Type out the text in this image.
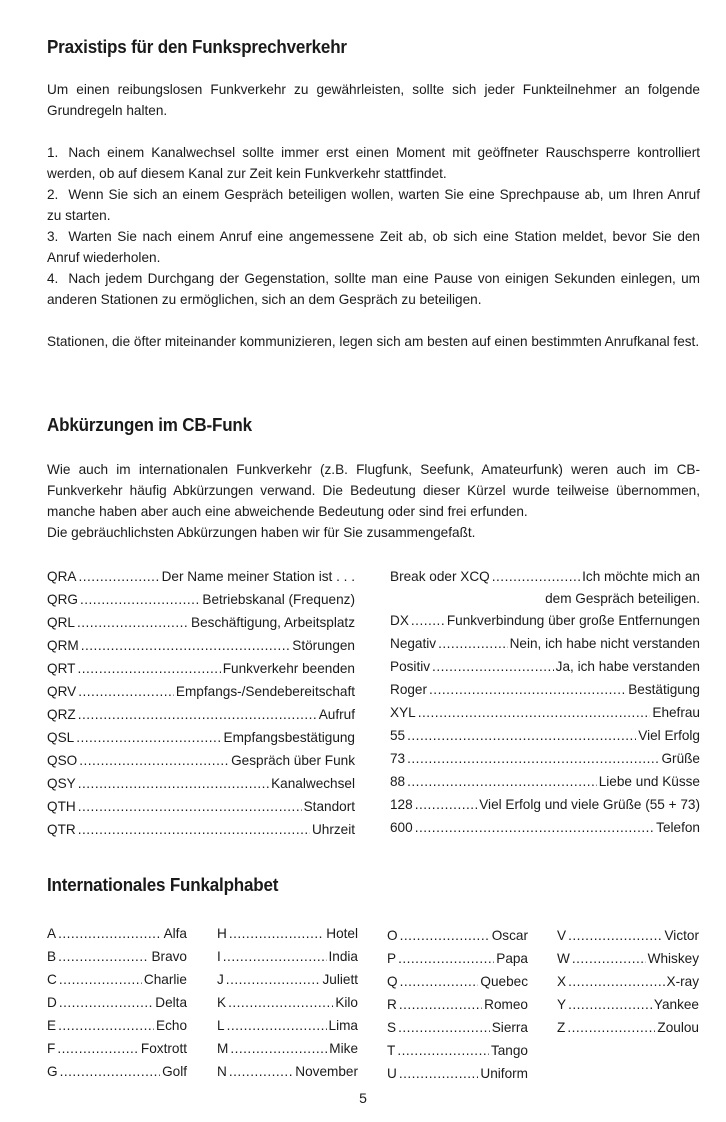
Praxistips für den Funksprechverkehr

Um einen reibungslosen Funkverkehr zu gewährleisten, sollte sich jeder Funkteilnehmer an folgende Grundregeln halten.

1. Nach einem Kanalwechsel sollte immer erst einen Moment mit geöffneter Rauschsperre kontrolliert werden, ob auf diesem Kanal zur Zeit kein Funkverkehr stattfindet.

2. Wenn Sie sich an einem Gespräch beteiligen wollen, warten Sie eine Sprechpause ab, um Ihren Anruf zu starten.

3. Warten Sie nach einem Anruf eine angemessene Zeit ab, ob sich eine Station meldet, bevor Sie den Anruf wiederholen.

4. Nach jedem Durchgang der Gegenstation, sollte man eine Pause von einigen Sekunden einlegen, um anderen Stationen zu ermöglichen, sich an dem Gespräch zu beteiligen.

Stationen, die öfter miteinander kommunizieren, legen sich am besten auf einen bestimmten Anrufkanal fest.

Abkürzungen im CB-Funk

Wie auch im internationalen Funkverkehr (z.B. Flugfunk, Seefunk, Amateurfunk) weren auch im CB-Funkverkehr häufig Abkürzungen verwand. Die Bedeutung dieser Kürzel wurde teilweise übernommen, manche haben aber auch eine abweichende Bedeutung oder sind frei erfunden.

Die gebräuchlichsten Abkürzungen haben wir für Sie zusammengefaßt.

QRA .....	Der Name meiner Station ist . . .
QRG .....	Betriebskanal (Frequenz)
QRL .....	Beschäftigung, Arbeitsplatz
QRM .....	Störungen
QRT .....	Funkverkehr beenden
QRV .....	Empfangs-/Sendebereitschaft
QRZ .....	Aufruf
QSL .....	Empfangsbestätigung
QSO .....	Gespräch über Funk
QSY .....	Kanalwechsel
QTH .....	Standort
QTR .....	Uhrzeit
Break oder XCQ .....	Ich möchte mich an
dem Gespräch beteiligen.
DX .....	Funkverbindung über große Entfernungen
Negativ .....	Nein, ich habe nicht verstanden
Positiv .....	Ja, ich habe verstanden
Roger .....	Bestätigung
XYL .....	Ehefrau
55 .....	Viel Erfolg
73 .....	Grüße
88 .....	Liebe und Küsse
128 .....	Viel Erfolg und viele Grüße (55 + 73)
600 .....	Telefon
Internationales Funkalphabet
A .....	Alfa
B .....	Bravo
C .....	Charlie
D .....	Delta
E .....	Echo
F .....	Foxtrott
G .....	Golf
H .....	Hotel
I .....	India
J .....	Juliett
K .....	Kilo
L .....	Lima
M .....	Mike
N .....	November
O .....	Oscar
P .....	Papa
Q .....	Quebec
R .....	Romeo
S .....	Sierra
T .....	Tango
U .....	Uniform
V .....	Victor
W .....	Whiskey
X .....	X-ray
Y .....	Yankee
Z .....	Zoulou
5
